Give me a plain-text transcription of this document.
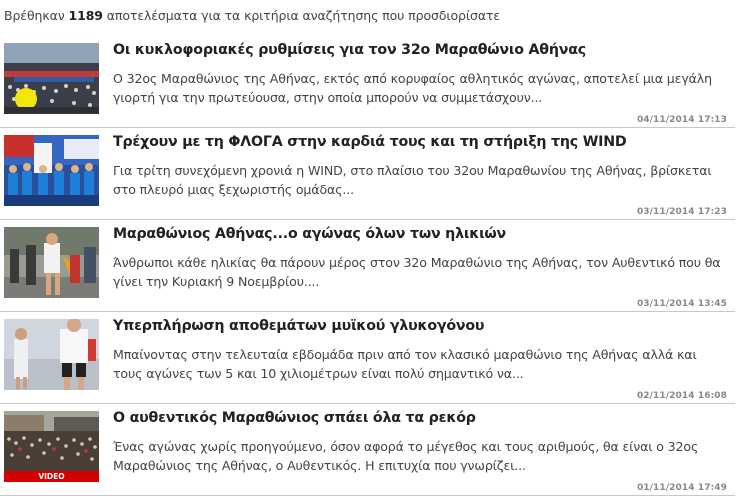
Βρέθηκαν 1189 αποτελέσματα για τα κριτήρια αναζήτησης που προσδιορίσατε
Οι κυκλοφοριακές ρυθμίσεις για τον 32ο Μαραθώνιο Αθήνας
Ο 32ος Μαραθώνιος της Αθήνας, εκτός από κορυφαίος αθλητικός αγώνας, αποτελεί μια μεγάλη γιορτή για την πρωτεύουσα, στην οποία μπορούν να συμμετάσχουν...
04/11/2014 17:13
Τρέχουν με τη ΦΛΟΓΑ στην καρδιά τους και τη στήριξη της WIND
Για τρίτη συνεχόμενη χρονιά η WIND, στο πλαίσιο του 32ου Μαραθωνίου της Αθήνας, βρίσκεται στο πλευρό μιας ξεχωριστής ομάδας...
03/11/2014 17:23
Μαραθώνιος Αθήνας...ο αγώνας όλων των ηλικιών
Άνθρωποι κάθε ηλικίας θα πάρουν μέρος στον 32ο Μαραθώνιο της Αθήνας, τον Αυθεντικό που θα γίνει την Κυριακή 9 Νοεμβρίου....
03/11/2014 13:45
Υπερπλήρωση αποθεμάτων μυϊκού γλυκογόνου
Μπαίνοντας στην τελευταία εβδομάδα πριν από τον κλασικό μαραθώνιο της Αθήνας αλλά και τους αγώνες των 5 και 10 χιλιομέτρων είναι πολύ σημαντικό να...
02/11/2014 16:08
VIDEO
Ο αυθεντικός Μαραθώνιος σπάει όλα τα ρεκόρ
Ένας αγώνας χωρίς προηγούμενο, όσον αφορά το μέγεθος και τους αριθμούς, θα είναι ο 32ος Μαραθώνιος της Αθήνας, ο Αυθεντικός. Η επιτυχία που γνωρίζει...
01/11/2014 17:49
